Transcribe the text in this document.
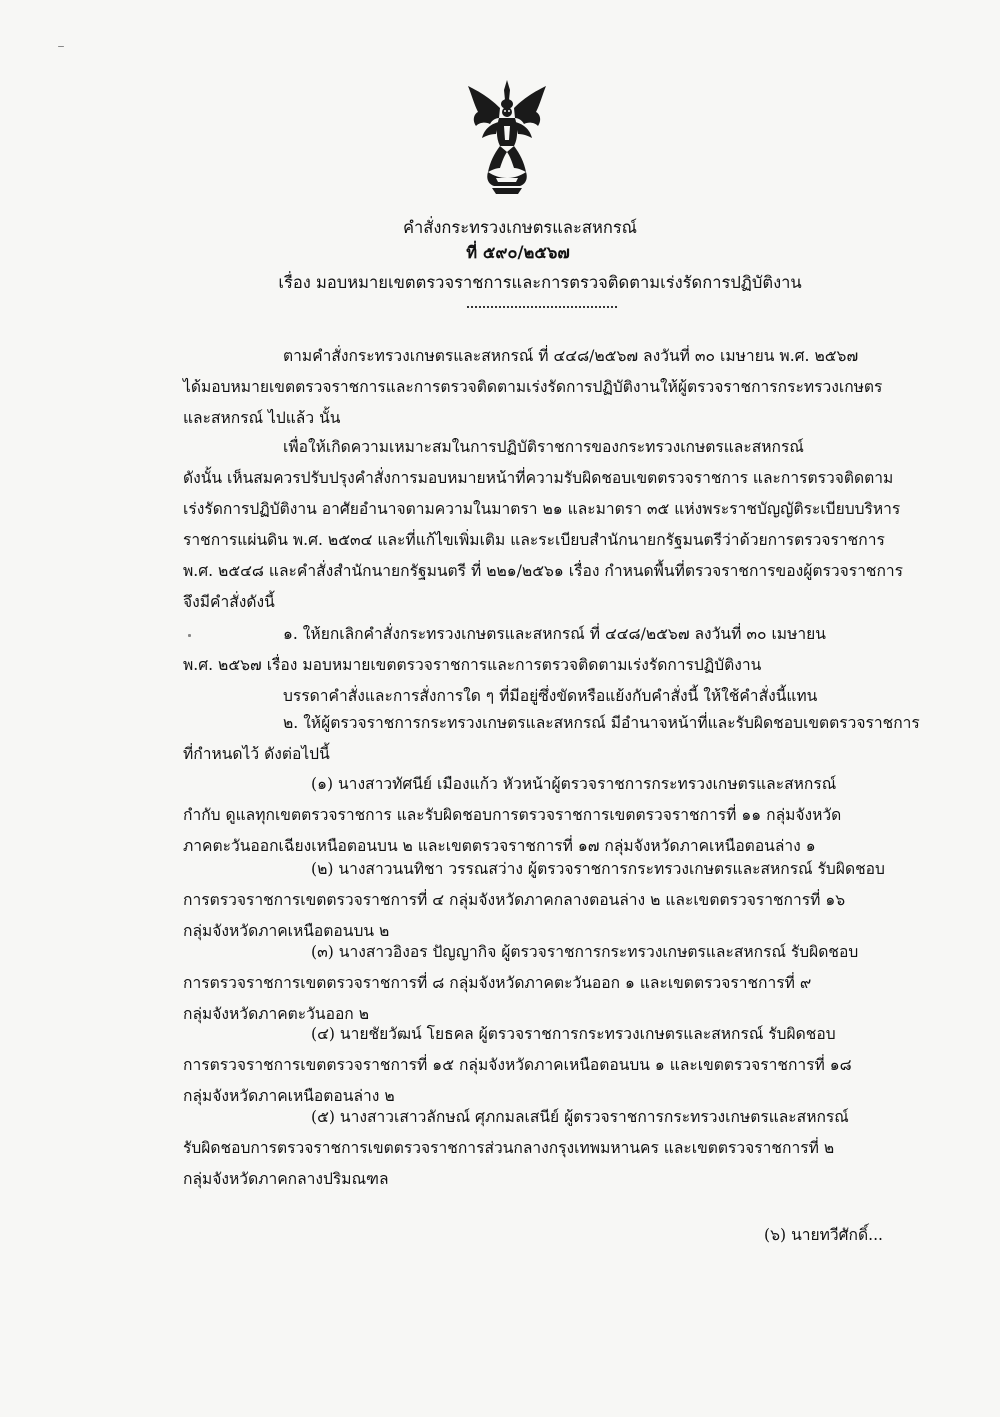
คำสั่งกระทรวงเกษตรและสหกรณ์
ที่ ๕๙๐/๒๕๖๗
เรื่อง มอบหมายเขตตรวจราชการและการตรวจติดตามเร่งรัดการปฏิบัติงาน
ตามคำสั่งกระทรวงเกษตรและสหกรณ์ ที่ ๔๔๘/๒๕๖๗ ลงวันที่ ๓๐ เมษายน พ.ศ. ๒๕๖๗
ได้มอบหมายเขตตรวจราชการและการตรวจติดตามเร่งรัดการปฏิบัติงานให้ผู้ตรวจราชการกระทรวงเกษตร
และสหกรณ์ ไปแล้ว นั้น
เพื่อให้เกิดความเหมาะสมในการปฏิบัติราชการของกระทรวงเกษตรและสหกรณ์
ดังนั้น เห็นสมควรปรับปรุงคำสั่งการมอบหมายหน้าที่ความรับผิดชอบเขตตรวจราชการ และการตรวจติดตาม
เร่งรัดการปฏิบัติงาน อาศัยอำนาจตามความในมาตรา ๒๑ และมาตรา ๓๕ แห่งพระราชบัญญัติระเบียบบริหาร
ราชการแผ่นดิน พ.ศ. ๒๕๓๔ และที่แก้ไขเพิ่มเติม และระเบียบสำนักนายกรัฐมนตรีว่าด้วยการตรวจราชการ
พ.ศ. ๒๕๔๘ และคำสั่งสำนักนายกรัฐมนตรี ที่ ๒๒๑/๒๕๖๑ เรื่อง กำหนดพื้นที่ตรวจราชการของผู้ตรวจราชการ
จึงมีคำสั่งดังนี้
๑. ให้ยกเลิกคำสั่งกระทรวงเกษตรและสหกรณ์ ที่ ๔๔๘/๒๕๖๗ ลงวันที่ ๓๐ เมษายน
พ.ศ. ๒๕๖๗ เรื่อง มอบหมายเขตตรวจราชการและการตรวจติดตามเร่งรัดการปฏิบัติงาน
บรรดาคำสั่งและการสั่งการใด ๆ ที่มีอยู่ซึ่งขัดหรือแย้งกับคำสั่งนี้ ให้ใช้คำสั่งนี้แทน
๒. ให้ผู้ตรวจราชการกระทรวงเกษตรและสหกรณ์ มีอำนาจหน้าที่และรับผิดชอบเขตตรวจราชการ
ที่กำหนดไว้ ดังต่อไปนี้
(๑) นางสาวทัศนีย์ เมืองแก้ว หัวหน้าผู้ตรวจราชการกระทรวงเกษตรและสหกรณ์
กำกับ ดูแลทุกเขตตรวจราชการ และรับผิดชอบการตรวจราชการเขตตรวจราชการที่ ๑๑ กลุ่มจังหวัด
ภาคตะวันออกเฉียงเหนือตอนบน ๒ และเขตตรวจราชการที่ ๑๗ กลุ่มจังหวัดภาคเหนือตอนล่าง ๑
(๒) นางสาวนนทิชา วรรณสว่าง ผู้ตรวจราชการกระทรวงเกษตรและสหกรณ์ รับผิดชอบ
การตรวจราชการเขตตรวจราชการที่ ๔ กลุ่มจังหวัดภาคกลางตอนล่าง ๒ และเขตตรวจราชการที่ ๑๖
กลุ่มจังหวัดภาคเหนือตอนบน ๒
(๓) นางสาวอิงอร ปัญญากิจ ผู้ตรวจราชการกระทรวงเกษตรและสหกรณ์ รับผิดชอบ
การตรวจราชการเขตตรวจราชการที่ ๘ กลุ่มจังหวัดภาคตะวันออก ๑ และเขตตรวจราชการที่ ๙
กลุ่มจังหวัดภาคตะวันออก ๒
(๔) นายชัยวัฒน์ โยธคล ผู้ตรวจราชการกระทรวงเกษตรและสหกรณ์ รับผิดชอบ
การตรวจราชการเขตตรวจราชการที่ ๑๕ กลุ่มจังหวัดภาคเหนือตอนบน ๑ และเขตตรวจราชการที่ ๑๘
กลุ่มจังหวัดภาคเหนือตอนล่าง ๒
(๕) นางสาวเสาวลักษณ์ ศุภกมลเสนีย์ ผู้ตรวจราชการกระทรวงเกษตรและสหกรณ์
รับผิดชอบการตรวจราชการเขตตรวจราชการส่วนกลางกรุงเทพมหานคร และเขตตรวจราชการที่ ๒
กลุ่มจังหวัดภาคกลางปริมณฑล
(๖) นายทวีศักดิ์...
